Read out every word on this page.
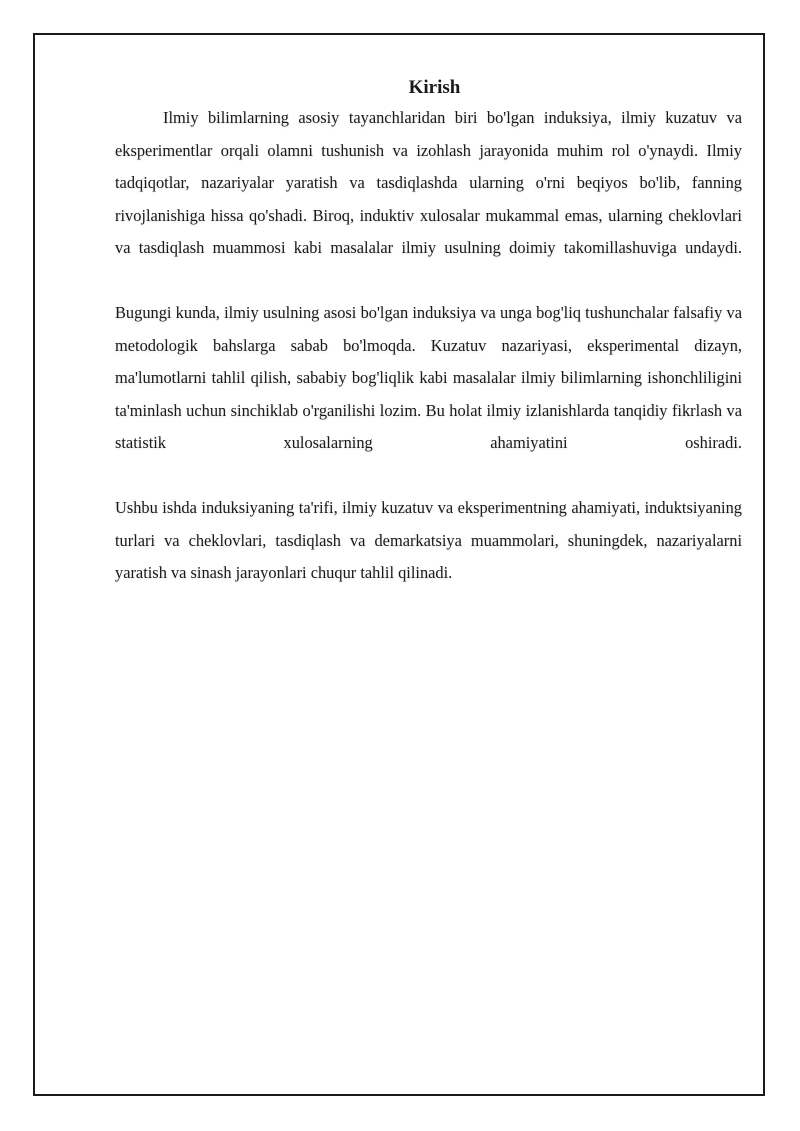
Kirish

Ilmiy bilimlarning asosiy tayanchlaridan biri bo'lgan induksiya, ilmiy kuzatuv va eksperimentlar orqali olamni tushunish va izohlash jarayonida muhim rol o'ynaydi. Ilmiy tadqiqotlar, nazariyalar yaratish va tasdiqlashda ularning o'rni beqiyos bo'lib, fanning rivojlanishiga hissa qo'shadi. Biroq, induktiv xulosalar mukammal emas, ularning cheklovlari va tasdiqlash muammosi kabi masalalar ilmiy usulning doimiy takomillashuviga undaydi.

Bugungi kunda, ilmiy usulning asosi bo'lgan induksiya va unga bog'liq tushunchalar falsafiy va metodologik bahslarga sabab bo'lmoqda. Kuzatuv nazariyasi, eksperimental dizayn, ma'lumotlarni tahlil qilish, sababiy bog'liqlik kabi masalalar ilmiy bilimlarning ishonchliligini ta'minlash uchun sinchiklab o'rganilishi lozim. Bu holat ilmiy izlanishlarda tanqidiy fikrlash va statistik xulosalarning ahamiyatini oshiradi.

Ushbu ishda induksiyaning ta'rifi, ilmiy kuzatuv va eksperimentning ahamiyati, induktsiyaning turlari va cheklovlari, tasdiqlash va demarkatsiya muammolari, shuningdek, nazariyalarni yaratish va sinash jarayonlari chuqur tahlil qilinadi.
